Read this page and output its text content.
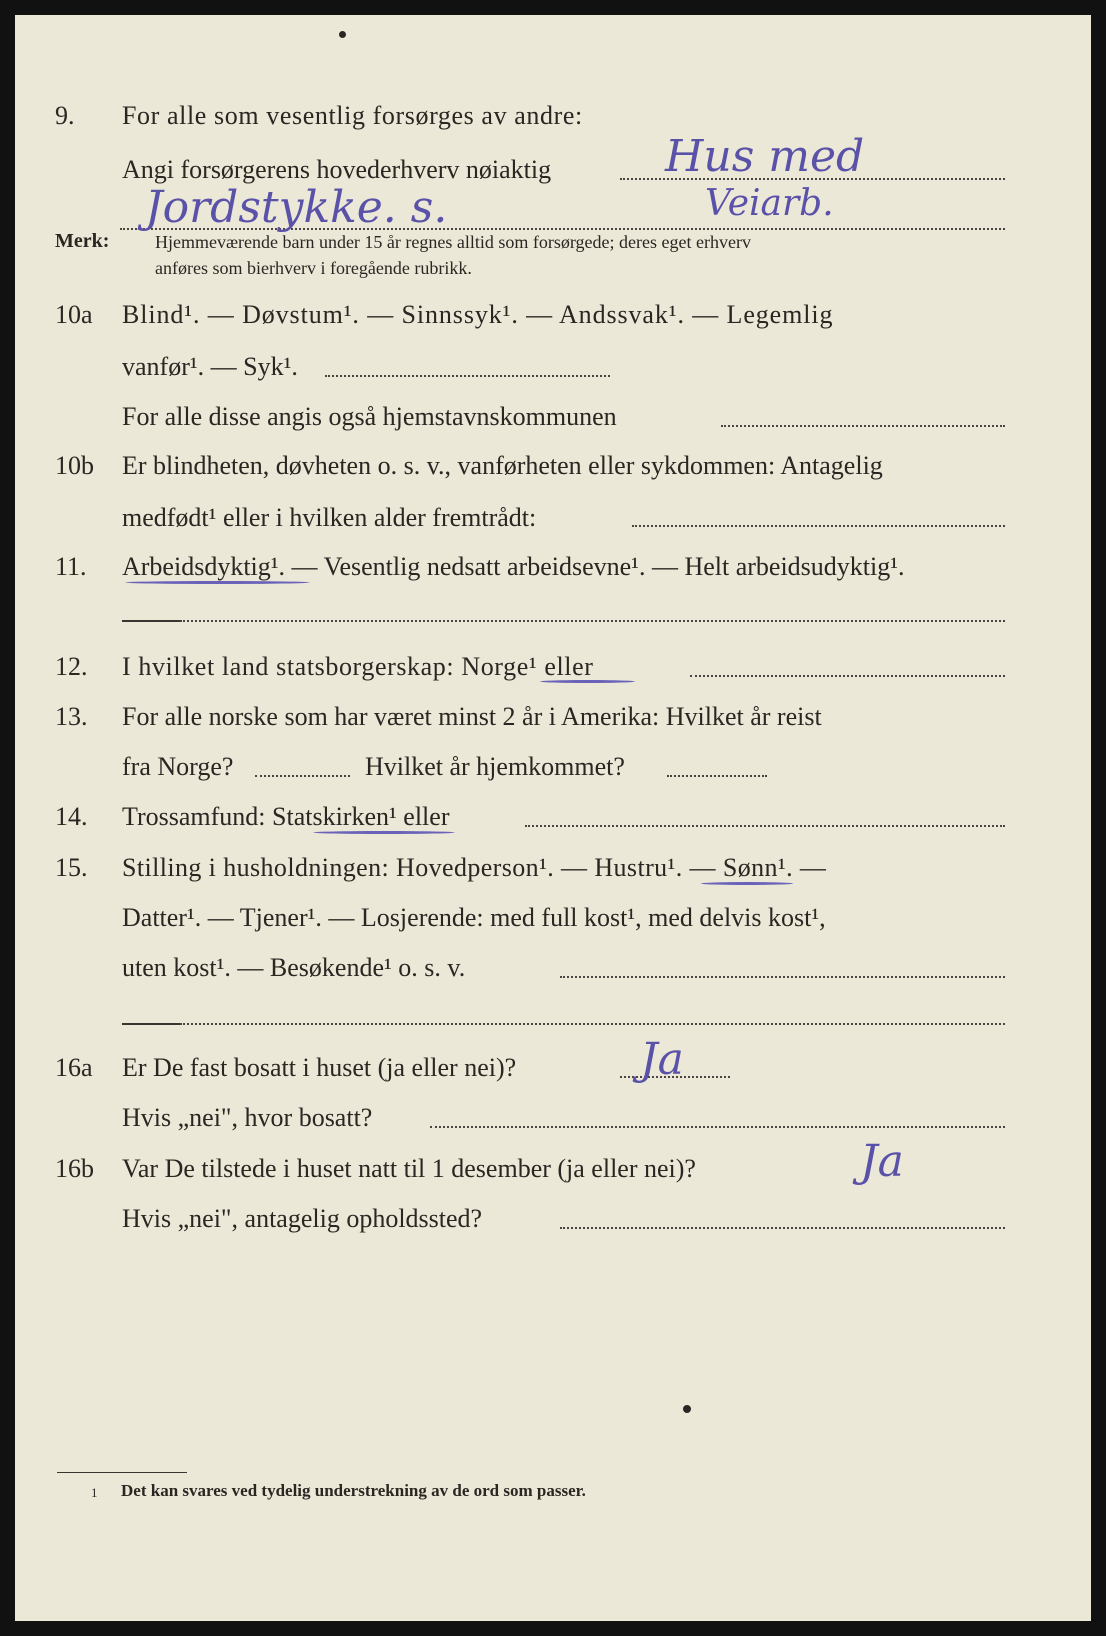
9. For alle som vesentlig forsørges av andre:
Angi forsørgerens hovederhverv nøiaktig	Hus med
Jordstykke. s.	Veiarb.
Merk:	Hjemmeværende barn under 15 år regnes alltid som forsørgede; deres eget erhverv
anføres som bierhverv i foregående rubrikk.
10a Blind¹. — Døvstum¹. — Sinnssyk¹. — Andssvak¹. — Legemlig
vanfør¹. — Syk¹.
For alle disse angis også hjemstavnskommunen
10b Er blindheten, døvheten o. s. v., vanførheten eller sykdommen: Antagelig
medfødt¹ eller i hvilken alder fremtrådt:
11. Arbeidsdyktig¹. — Vesentlig nedsatt arbeidsevne¹. — Helt arbeidsudyktig¹.
12. I hvilket land statsborgerskap: Norge¹ eller
13. For alle norske som har været minst 2 år i Amerika: Hvilket år reist
fra Norge?	Hvilket år hjemkommet?
14. Trossamfund: Statskirken¹ eller
15. Stilling i husholdningen: Hovedperson¹. — Hustru¹. — Sønn¹. —
Datter¹. — Tjener¹. — Losjerende: med full kost¹, med delvis kost¹,
uten kost¹. — Besøkende¹ o. s. v.
16a Er De fast bosatt i huset (ja eller nei)?	Ja
Hvis „nei", hvor bosatt?
16b Var De tilstede i huset natt til 1 desember (ja eller nei)?	Ja
Hvis „nei", antagelig opholdssted?
1 Det kan svares ved tydelig understrekning av de ord som passer.
